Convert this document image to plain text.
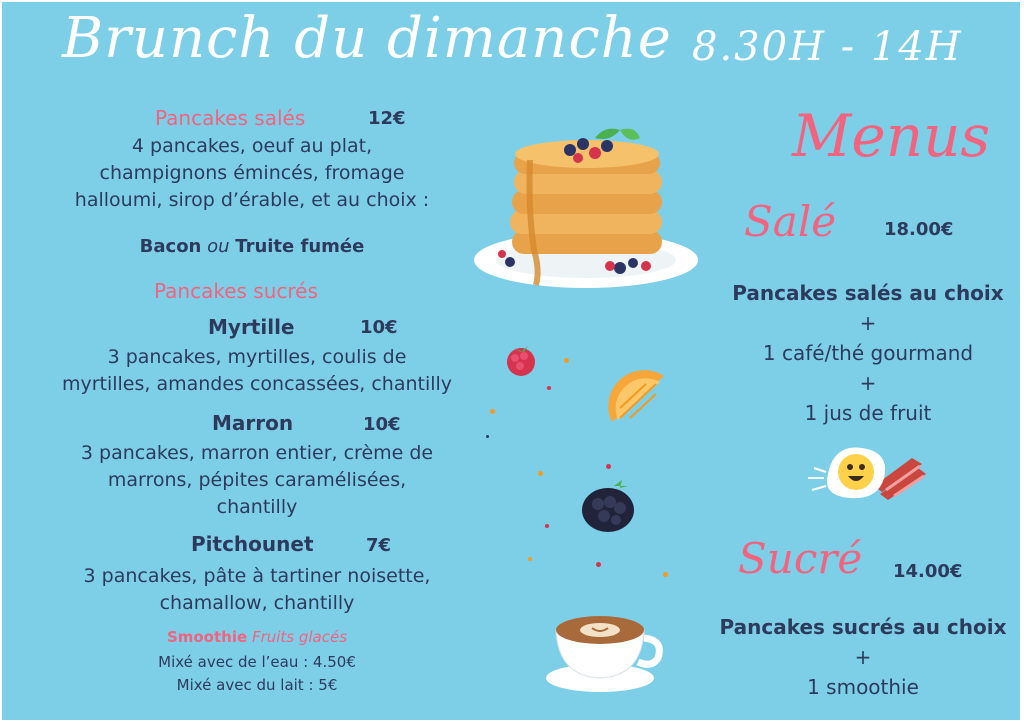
Brunch du dimanche 8.30H - 14H
Pancakes salés	12€
4 pancakes, oeuf au plat,
champignons émincés, fromage
halloumi, sirop d’érable, et au choix :
Bacon ou Truite fumée
Pancakes sucrés
Myrtille	10€
3 pancakes, myrtilles, coulis de
myrtilles, amandes concassées, chantilly
Marron	10€
3 pancakes, marron entier, crème de
marrons, pépites caramélisées,
chantilly
Pitchounet	7€
3 pancakes, pâte à tartiner noisette,
chamallow, chantilly
Smoothie Fruits glacés
Mixé avec de l’eau : 4.50€
Mixé avec du lait : 5€
Menus
Salé	18.00€
Pancakes salés au choix
+
1 café/thé gourmand
+
1 jus de fruit
Sucré 14.00€
Pancakes sucrés au choix
+
1 smoothie
